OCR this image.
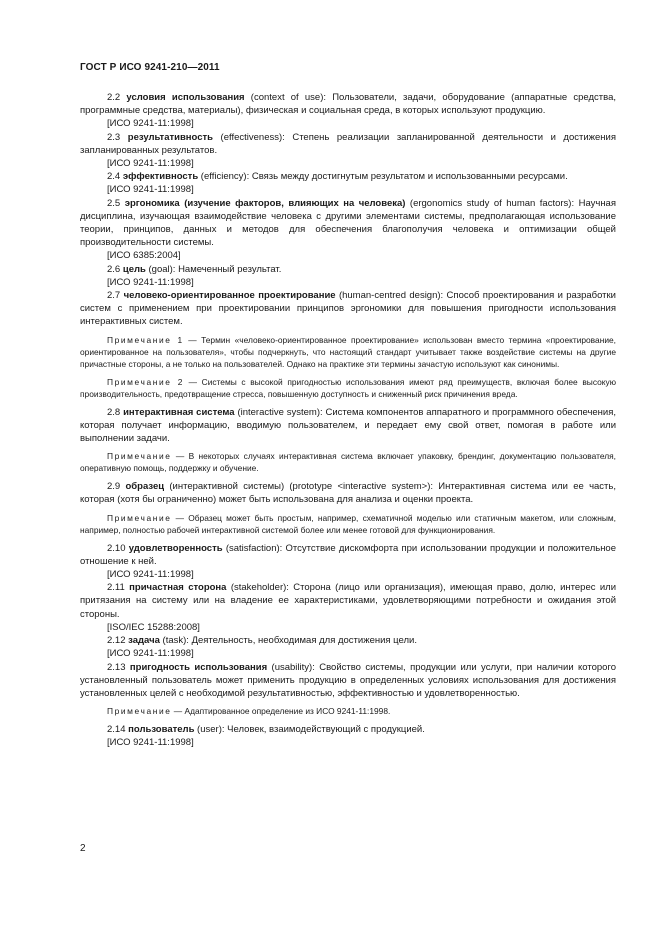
ГОСТ Р ИСО 9241-210—2011

2.2 условия использования (context of use): Пользователи, задачи, оборудование (аппаратные средства, программные средства, материалы), физическая и социальная среда, в которых используют продукцию.

[ИСО 9241-11:1998]

2.3 результативность (effectiveness): Степень реализации запланированной деятельности и достижения запланированных результатов.

[ИСО 9241-11:1998]

2.4 эффективность (efficiency): Связь между достигнутым результатом и использованными ресурсами.

[ИСО 9241-11:1998]

2.5 эргономика (изучение факторов, влияющих на человека) (ergonomics study of human factors): Научная дисциплина, изучающая взаимодействие человека с другими элементами системы, предполагающая использование теории, принципов, данных и методов для обеспечения благополучия человека и оптимизации общей производительности системы.

[ИСО 6385:2004]

2.6 цель (goal): Намеченный результат.

[ИСО 9241-11:1998]

2.7 человеко-ориентированное проектирование (human-centred design): Способ проектирования и разработки систем с применением при проектировании принципов эргономики для повышения пригодности использования интерактивных систем.

Примечание 1 — Термин «человеко-ориентированное проектирование» использован вместо термина «проектирование, ориентированное на пользователя», чтобы подчеркнуть, что настоящий стандарт учитывает также воздействие системы на другие причастные стороны, а не только на пользователей. Однако на практике эти термины зачастую используют как синонимы.

Примечание 2 — Системы с высокой пригодностью использования имеют ряд преимуществ, включая более высокую производительность, предотвращение стресса, повышенную доступность и сниженный риск причинения вреда.

2.8 интерактивная система (interactive system): Система компонентов аппаратного и программного обеспечения, которая получает информацию, вводимую пользователем, и передает ему свой ответ, помогая в работе или выполнении задачи.

Примечание — В некоторых случаях интерактивная система включает упаковку, брендинг, документацию пользователя, оперативную помощь, поддержку и обучение.

2.9 образец (интерактивной системы) (prototype <interactive system>): Интерактивная система или ее часть, которая (хотя бы ограниченно) может быть использована для анализа и оценки проекта.

Примечание — Образец может быть простым, например, схематичной моделью или статичным макетом, или сложным, например, полностью рабочей интерактивной системой более или менее готовой для функционирования.

2.10 удовлетворенность (satisfaction): Отсутствие дискомфорта при использовании продукции и положительное отношение к ней.

[ИСО 9241-11:1998]

2.11 причастная сторона (stakeholder): Сторона (лицо или организация), имеющая право, долю, интерес или притязания на систему или на владение ее характеристиками, удовлетворяющими потребности и ожидания этой стороны.

[ISO/IEC 15288:2008]

2.12 задача (task): Деятельность, необходимая для достижения цели.

[ИСО 9241-11:1998]

2.13 пригодность использования (usability): Свойство системы, продукции или услуги, при наличии которого установленный пользователь может применить продукцию в определенных условиях использования для достижения установленных целей с необходимой результативностью, эффективностью и удовлетворенностью.

Примечание — Адаптированное определение из ИСО 9241-11:1998.

2.14 пользователь (user): Человек, взаимодействующий с продукцией.

[ИСО 9241-11:1998]

2
